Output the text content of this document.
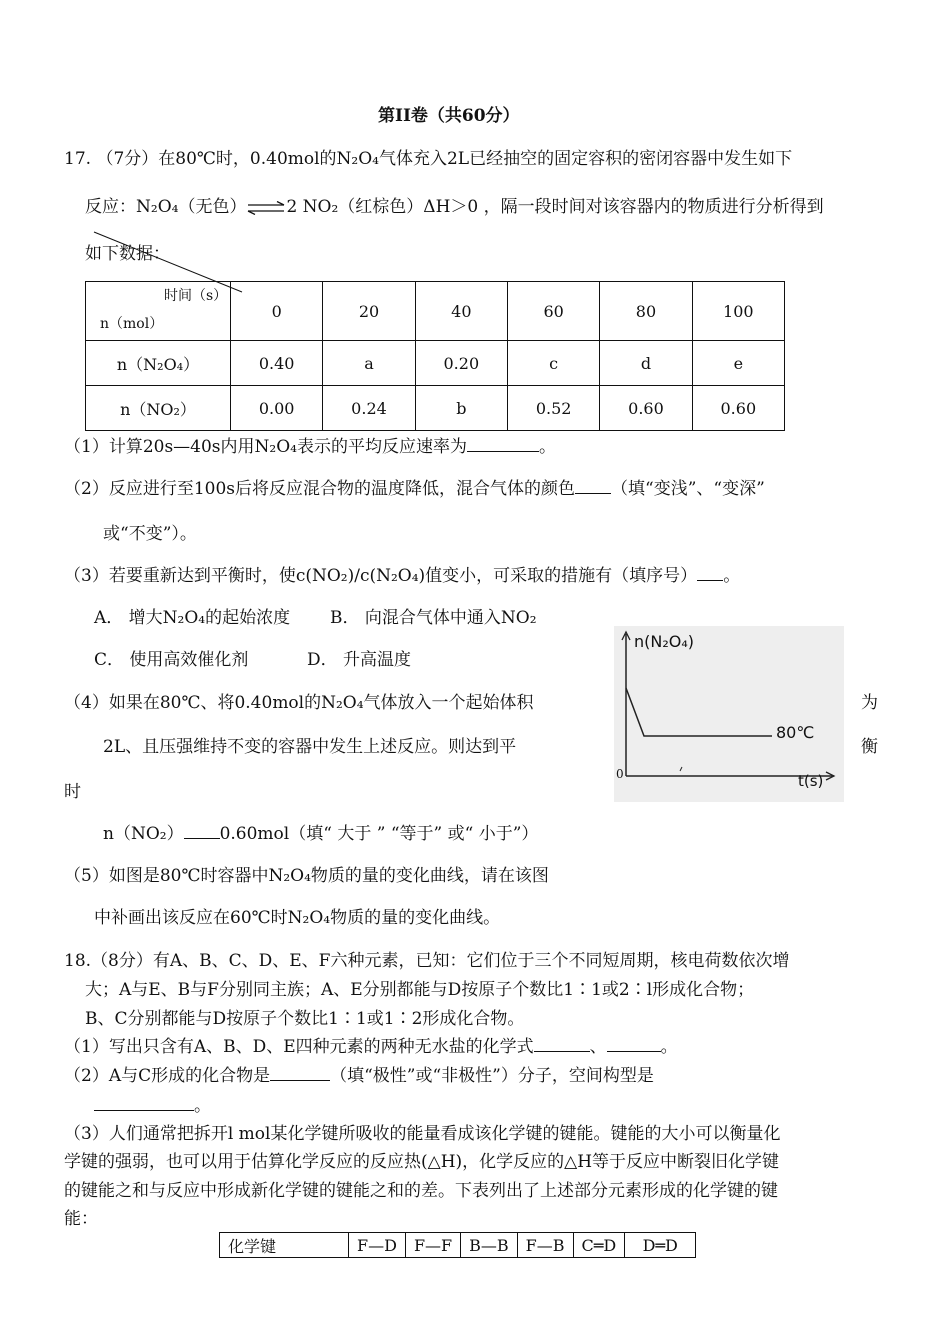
第II卷（共60分）
17. （7分）在80℃时，0.40mol的N₂O₄气体充入2L已经抽空的固定容积的密闭容器中发生如下
反应：N₂O₄（无色）⇌2 NO₂（红棕色）ΔH＞0 ，隔一段时间对该容器内的物质进行分析得到
如下数据：
时间（s）
n（mol）	0	20	40	60	80	100
n（N₂O₄）	0.40	a	0.20	c	d	e
n（NO₂）	0.00	0.24	b	0.52	0.60	0.60
（1）计算20s—40s内用N₂O₄表示的平均反应速率为	。
（2）反应进行至100s后将反应混合物的温度降低，混合气体的颜色 （填“变浅”、“变深”
或“不变”）。
（3）若要重新达到平衡时，使c(NO₂)/c(N₂O₄)值变小，可采取的措施有（填序号） 。
A． 增大N₂O₄的起始浓度 B． 向混合气体中通入NO₂
C． 使用高效催化剂	D． 升高温度
（4）如果在80℃、将0.40mol的N₂O₄气体放入一个起始体积	为
2L、且压强维持不变的容器中发生上述反应。则达到平	衡
时
n（NO₂） 0.60mol（填“ 大于 ” “等于” 或“ 小于”）
（5）如图是80℃时容器中N₂O₄物质的量的变化曲线，请在该图
中补画出该反应在60℃时N₂O₄物质的量的变化曲线。
n(N₂O₄)
80℃
0	t(s)
18.（8分）有A、B、C、D、E、F六种元素，已知：它们位于三个不同短周期，核电荷数依次增
大；A与E、B与F分别同主族；A、E分别都能与D按原子个数比1∶1或2∶l形成化合物；
B、C分别都能与D按原子个数比1∶1或1∶2形成化合物。
（1）写出只含有A、B、D、E四种元素的两种无水盐的化学式	、	。
（2）A与C形成的化合物是	（填“极性”或“非极性”）分子，空间构型是
。
（3）人们通常把拆开l mol某化学键所吸收的能量看成该化学键的键能。键能的大小可以衡量化
学键的强弱，也可以用于估算化学反应的反应热(△H)，化学反应的△H等于反应中断裂旧化学键
的键能之和与反应中形成新化学键的键能之和的差。下表列出了上述部分元素形成的化学键的键
能：
化学键	F—D	F—F	B—B	F—B	C═D	D═D
